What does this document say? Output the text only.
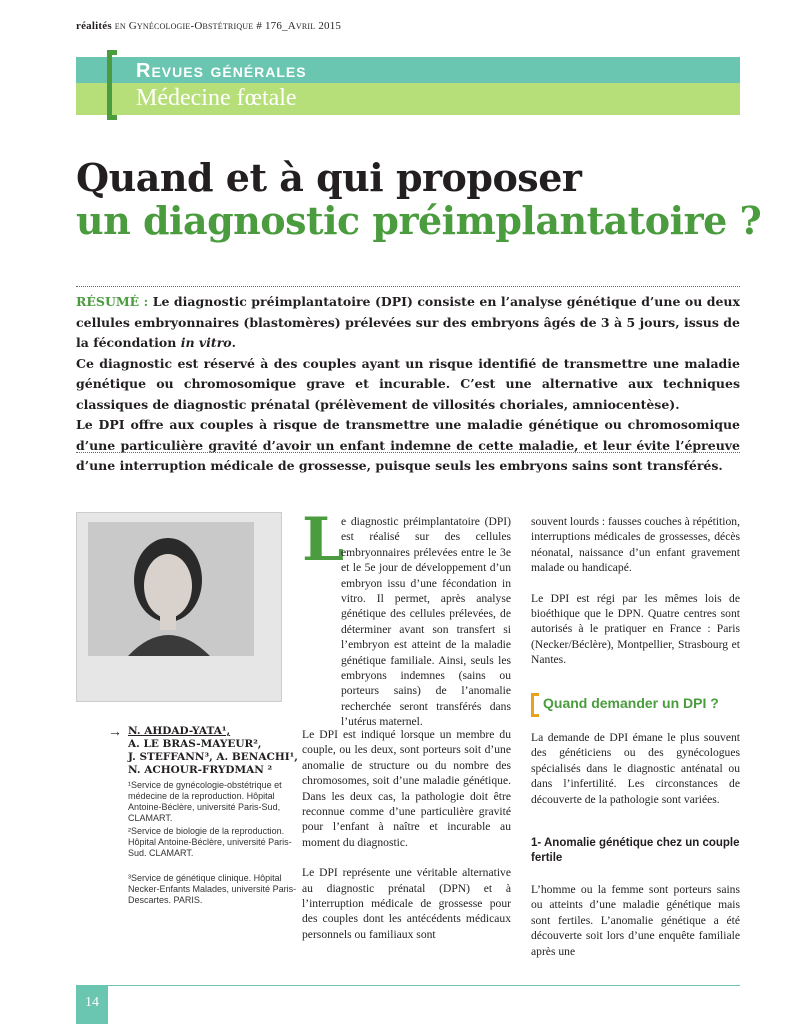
réalités en Gynécologie-Obstétrique # 176_Avril 2015
Revues générales
Médecine fœtale
Quand et à qui proposer
un diagnostic préimplantatoire ?
RÉSUMÉ : Le diagnostic préimplantatoire (DPI) consiste en l’analyse génétique d’une ou deux cellules embryonnaires (blastomères) prélevées sur des embryons âgés de 3 à 5 jours, issus de la fécondation in vitro.
Ce diagnostic est réservé à des couples ayant un risque identifié de transmettre une maladie génétique ou chromosomique grave et incurable. C’est une alternative aux techniques classiques de diagnostic prénatal (prélèvement de villosités choriales, amniocentèse).
Le DPI offre aux couples à risque de transmettre une maladie génétique ou chromosomique d’une particulière gravité d’avoir un enfant indemne de cette maladie, et leur évite l’épreuve d’une interruption médicale de grossesse, puisque seuls les embryons sains sont transférés.
→ N. AHDAD-YATA¹,
A. LE BRAS-MAYEUR²,
J. STEFFANN³, A. BENACHI¹,
N. ACHOUR-FRYDMAN ²
¹Service de gynécologie-obstétrique et médecine de la reproduction. Hôpital Antoine-Béclère, université Paris-Sud, CLAMART.
²Service de biologie de la reproduction. Hôpital Antoine-Béclère, université Paris-Sud. CLAMART.
³Service de génétique clinique. Hôpital Necker-Enfants Malades, université Paris-Descartes. PARIS.
L
e diagnostic préimplantatoire (DPI) est réalisé sur des cellules embryonnaires prélevées entre le 3e et le 5e jour de développement d’un embryon issu d’une fécondation in vitro. Il permet, après analyse génétique des cellules prélevées, de déterminer avant son transfert si l’embryon est atteint de la maladie génétique familiale. Ainsi, seuls les embryons indemnes (sains ou porteurs sains) de l’anomalie recherchée seront transférés dans l’utérus maternel.

Le DPI est indiqué lorsque un membre du couple, ou les deux, sont porteurs soit d’une anomalie de structure ou du nombre des chromosomes, soit d’une maladie génétique. Dans les deux cas, la pathologie doit être reconnue comme d’une particulière gravité pour l’enfant à naître et incurable au moment du diagnostic.

Le DPI représente une véritable alternative au diagnostic prénatal (DPN) et à l’interruption médicale de grossesse pour des couples dont les antécédents médicaux personnels ou familiaux sont

souvent lourds : fausses couches à répétition, interruptions médicales de grossesses, décès néonatal, naissance d’un enfant gravement malade ou handicapé.

Le DPI est régi par les mêmes lois de bioéthique que le DPN. Quatre centres sont autorisés à le pratiquer en France : Paris (Necker/Béclère), Montpellier, Strasbourg et Nantes.

Quand demander un DPI ?

La demande de DPI émane le plus souvent des généticiens ou des gynécologues spécialisés dans le diagnostic anténatal ou dans l’infertilité. Les circonstances de découverte de la pathologie sont variées.

1- Anomalie génétique chez un couple fertile

L’homme ou la femme sont porteurs sains ou atteints d’une maladie génétique mais sont fertiles. L’anomalie génétique a été découverte soit lors d’une enquête familiale après une

14
